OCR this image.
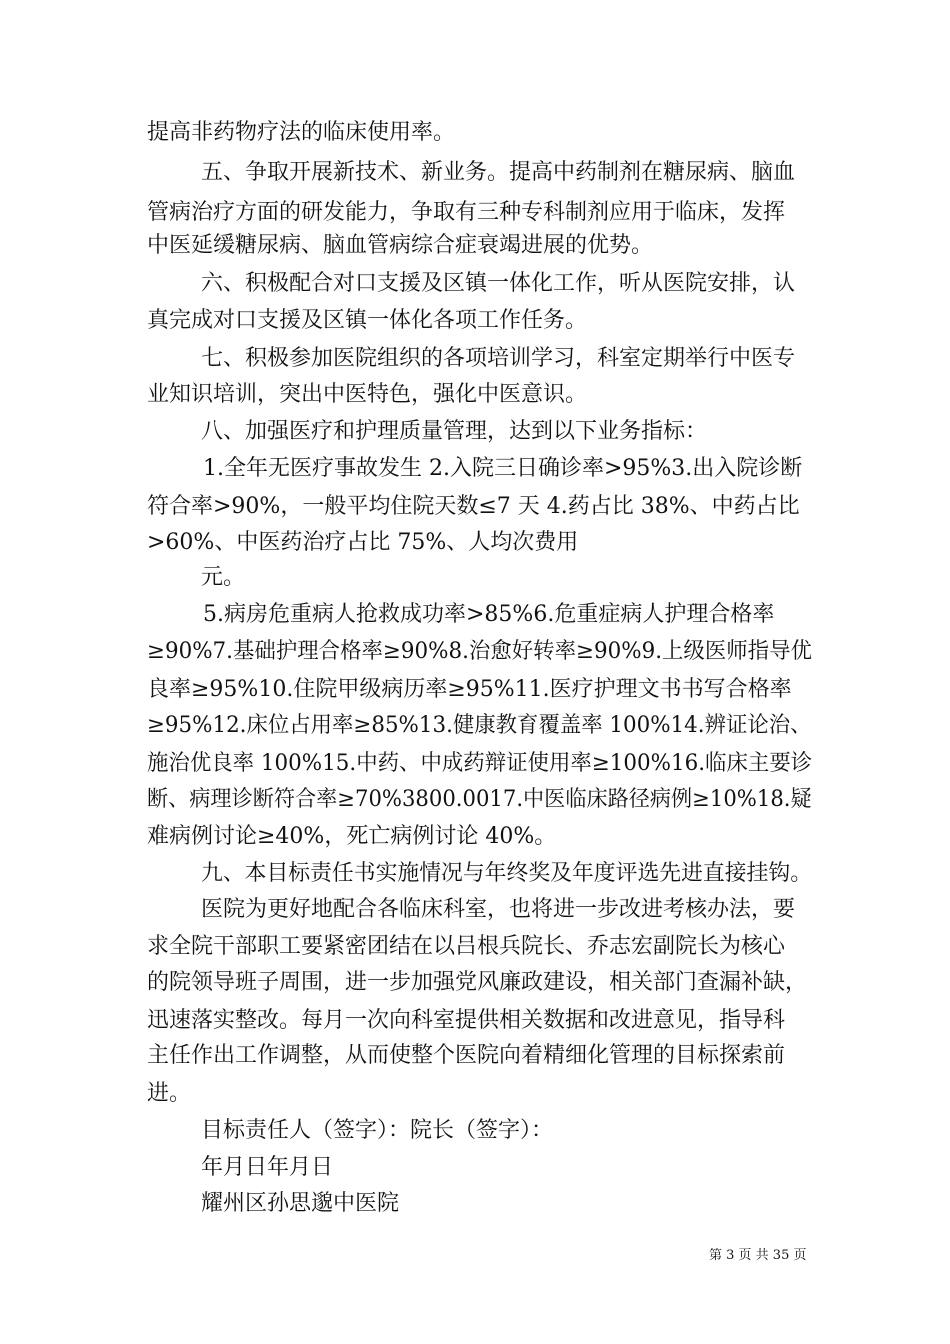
提高非药物疗法的临床使用率。
五、争取开展新技术、新业务。提高中药制剂在糖尿病、脑血
管病治疗方面的研发能力，争取有三种专科制剂应用于临床，发挥
中医延缓糖尿病、脑血管病综合症衰竭进展的优势。
六、积极配合对口支援及区镇一体化工作，听从医院安排，认
真完成对口支援及区镇一体化各项工作任务。
七、积极参加医院组织的各项培训学习，科室定期举行中医专
业知识培训，突出中医特色，强化中医意识。
八、加强医疗和护理质量管理，达到以下业务指标：
1.全年无医疗事故发生 2.入院三日确诊率>95%3.出入院诊断
符合率>90%，一般平均住院天数≤7 天 4.药占比 38%、中药占比
>60%、中医药治疗占比 75%、人均次费用
元。
5.病房危重病人抢救成功率>85%6.危重症病人护理合格率
≥90%7.基础护理合格率≥90%8.治愈好转率≥90%9.上级医师指导优
良率≥95%10.住院甲级病历率≥95%11.医疗护理文书书写合格率
≥95%12.床位占用率≥85%13.健康教育覆盖率 100%14.辨证论治、
施治优良率 100%15.中药、中成药辩证使用率≥100%16.临床主要诊
断、病理诊断符合率≥70%3800.0017.中医临床路径病例≥10%18.疑
难病例讨论≥40%，死亡病例讨论 40%。
九、本目标责任书实施情况与年终奖及年度评选先进直接挂钩。
医院为更好地配合各临床科室，也将进一步改进考核办法，要
求全院干部职工要紧密团结在以吕根兵院长、乔志宏副院长为核心
的院领导班子周围，进一步加强党风廉政建设，相关部门查漏补缺，
迅速落实整改。每月一次向科室提供相关数据和改进意见，指导科
主任作出工作调整，从而使整个医院向着精细化管理的目标探索前
进。
目标责任人（签字）：院长（签字）：
年月日年月日
耀州区孙思邈中医院
第 3 页 共 35 页
